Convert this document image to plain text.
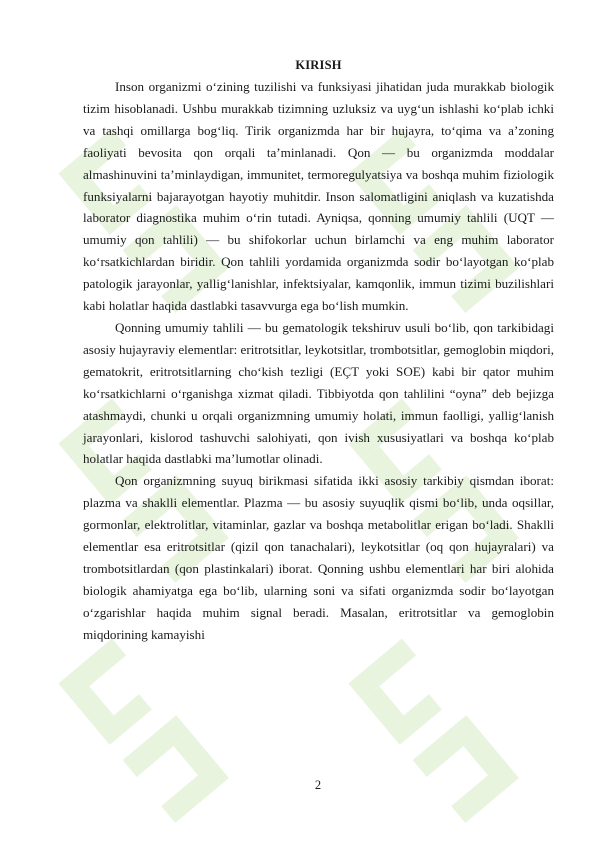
KIRISH

Inson organizmi o‘zining tuzilishi va funksiyasi jihatidan juda murakkab biologik tizim hisoblanadi. Ushbu murakkab tizimning uzluksiz va uyg‘un ishlashi ko‘plab ichki va tashqi omillarga bog‘liq. Tirik organizmda har bir hujayra, to‘qima va a’zoning faoliyati bevosita qon orqali ta’minlanadi. Qon — bu organizmda moddalar almashinuvini ta’minlaydigan, immunitet, termoregulyatsiya va boshqa muhim fiziologik funksiyalarni bajarayotgan hayotiy muhitdir. Inson salomatligini aniqlash va kuzatishda laborator diagnostika muhim o‘rin tutadi. Ayniqsa, qonning umumiy tahlili (UQT — umumiy qon tahlili) — bu shifokorlar uchun birlamchi va eng muhim laborator ko‘rsatkichlardan biridir. Qon tahlili yordamida organizmda sodir bo‘layotgan ko‘plab patologik jarayonlar, yallig‘lanishlar, infektsiyalar, kamqonlik, immun tizimi buzilishlari kabi holatlar haqida dastlabki tasavvurga ega bo‘lish mumkin.

Qonning umumiy tahlili — bu gematologik tekshiruv usuli bo‘lib, qon tarkibidagi asosiy hujayraviy elementlar: eritrotsitlar, leykotsitlar, trombotsitlar, gemoglobin miqdori, gematokrit, eritrotsitlarning cho‘kish tezligi (EÇT yoki SOE) kabi bir qator muhim ko‘rsatkichlarni o‘rganishga xizmat qiladi. Tibbiyotda qon tahlilini “oyna” deb bejizga atashmaydi, chunki u orqali organizmning umumiy holati, immun faolligi, yallig‘lanish jarayonlari, kislorod tashuvchi salohiyati, qon ivish xususiyatlari va boshqa ko‘plab holatlar haqida dastlabki ma’lumotlar olinadi.

Qon organizmning suyuq birikmasi sifatida ikki asosiy tarkibiy qismdan iborat: plazma va shaklli elementlar. Plazma — bu asosiy suyuqlik qismi bo‘lib, unda oqsillar, gormonlar, elektrolitlar, vitaminlar, gazlar va boshqa metabolitlar erigan bo‘ladi. Shaklli elementlar esa eritrotsitlar (qizil qon tanachalari), leykotsitlar (oq qon hujayralari) va trombotsitlardan (qon plastinkalari) iborat. Qonning ushbu elementlari har biri alohida biologik ahamiyatga ega bo‘lib, ularning soni va sifati organizmda sodir bo‘layotgan o‘zgarishlar haqida muhim signal beradi. Masalan, eritrotsitlar va gemoglobin miqdorining kamayishi

2
